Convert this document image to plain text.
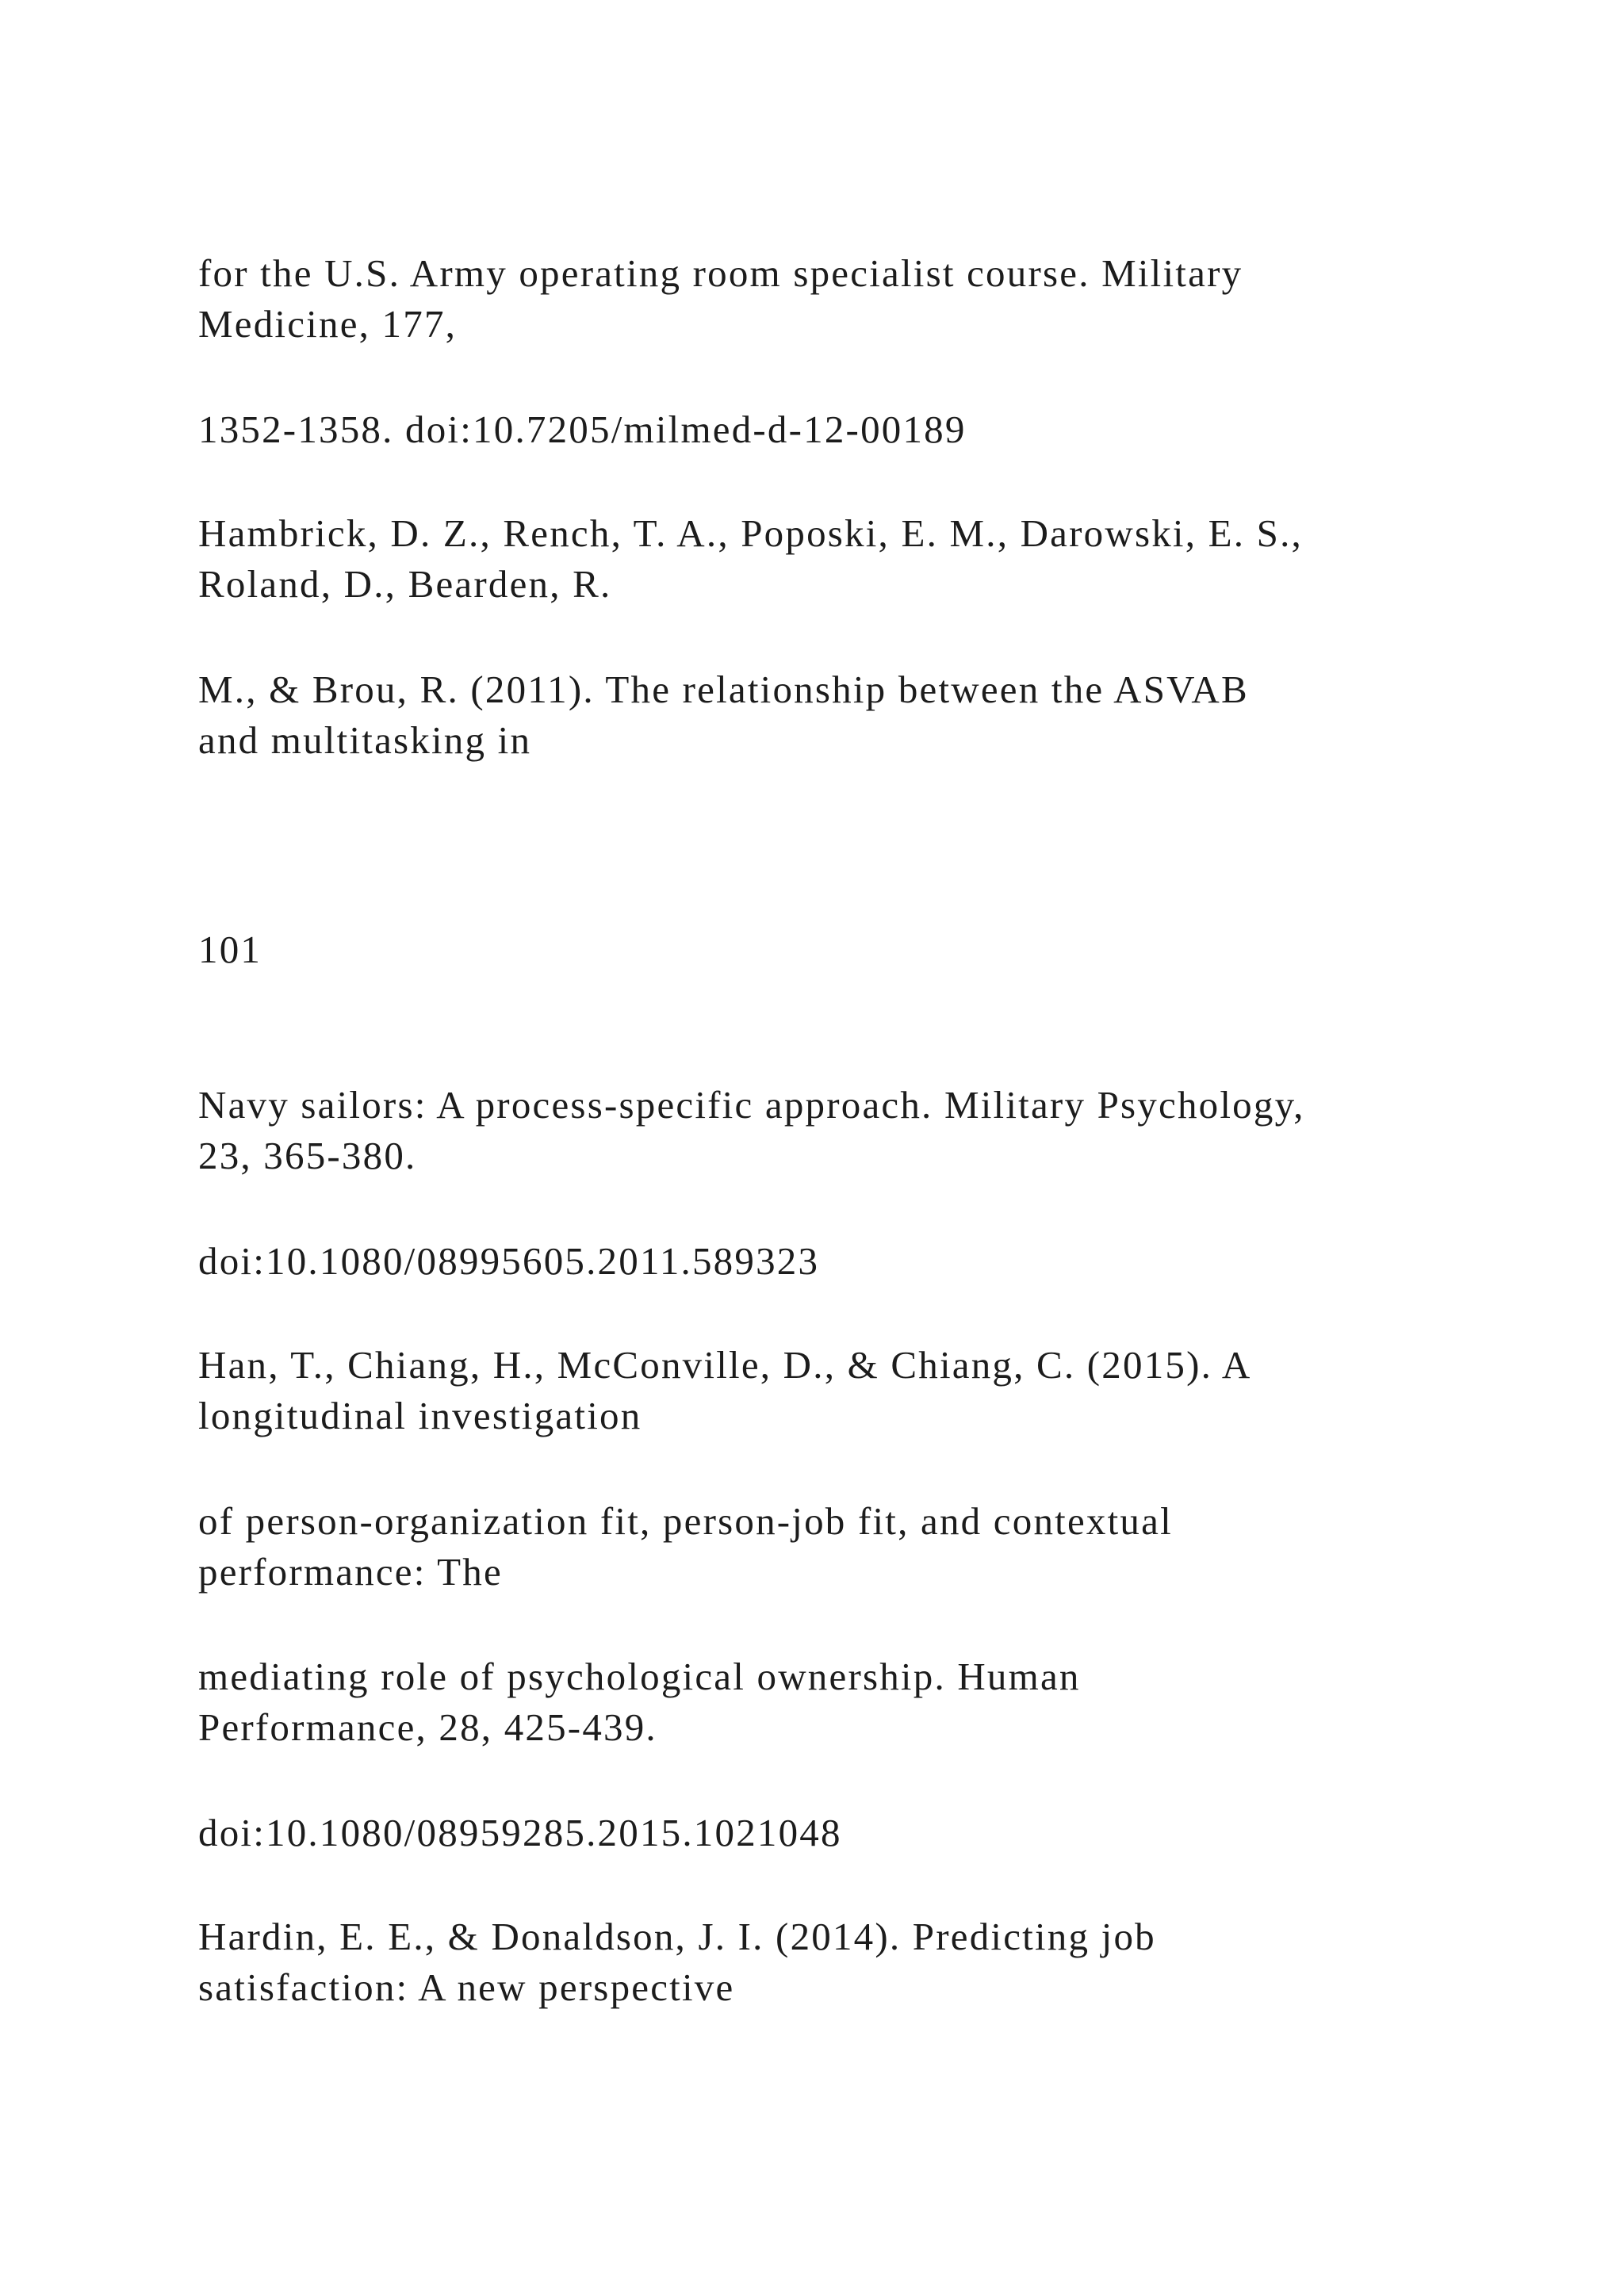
for the U.S. Army operating room specialist course. Military
Medicine, 177,

1352-1358. doi:10.7205/milmed-d-12-00189

Hambrick, D. Z., Rench, T. A., Poposki, E. M., Darowski, E. S.,
Roland, D., Bearden, R.

M., & Brou, R. (2011). The relationship between the ASVAB
and multitasking in

101

Navy sailors: A process-specific approach. Military Psychology,
23, 365-380.

doi:10.1080/08995605.2011.589323

Han, T., Chiang, H., McConville, D., & Chiang, C. (2015). A
longitudinal investigation

of person-organization fit, person-job fit, and contextual
performance: The

mediating role of psychological ownership. Human
Performance, 28, 425-439.

doi:10.1080/08959285.2015.1021048

Hardin, E. E., & Donaldson, J. I. (2014). Predicting job
satisfaction: A new perspective
